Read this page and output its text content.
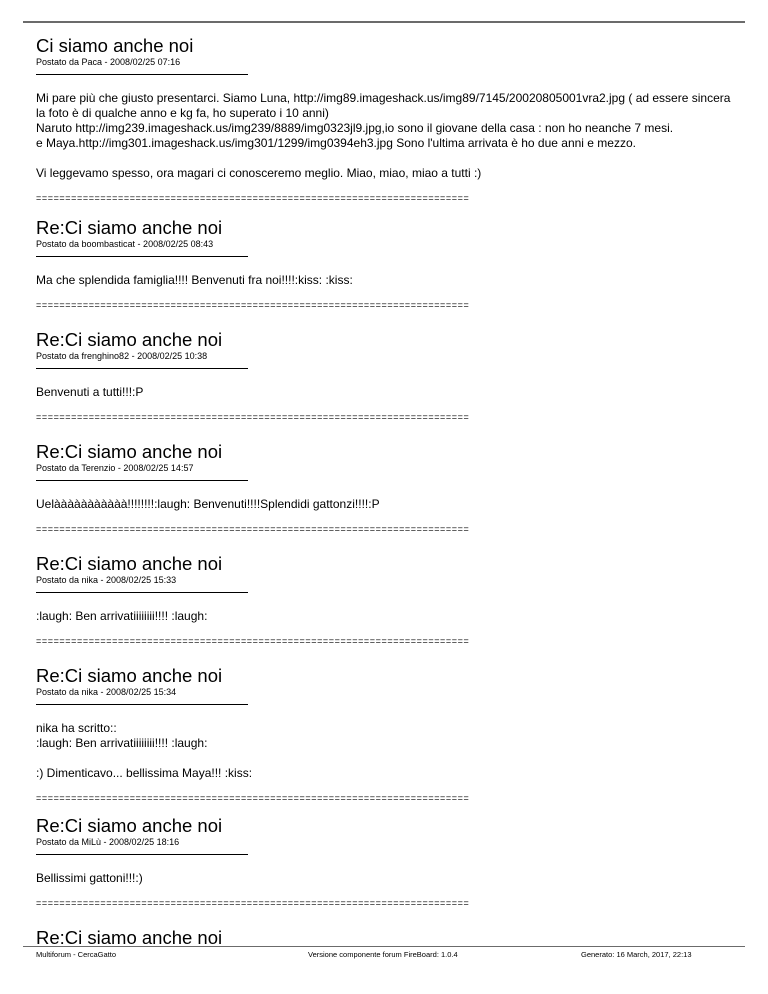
Ci siamo anche noi
Postato da Paca - 2008/02/25 07:16

Mi pare più che giusto presentarci. Siamo Luna, http://img89.imageshack.us/img89/7145/20020805001vra2.jpg ( ad essere sincera la foto è di qualche anno e kg fa, ho superato i 10 anni)
Naruto http://img239.imageshack.us/img239/8889/img0323jl9.jpg,io sono il giovane della casa : non ho neanche 7 mesi.
e Maya.http://img301.imageshack.us/img301/1299/img0394eh3.jpg Sono l'ultima arrivata è ho due anni e mezzo.

Vi leggevamo spesso, ora magari ci conosceremo meglio. Miao, miao, miao a tutti :)

==========================================================================
Re:Ci siamo anche noi
Postato da boombasticat - 2008/02/25 08:43

Ma che splendida famiglia!!!! Benvenuti fra noi!!!!:kiss: :kiss:

==========================================================================
Re:Ci siamo anche noi
Postato da frenghino82 - 2008/02/25 10:38

Benvenuti a tutti!!!:P

==========================================================================
Re:Ci siamo anche noi
Postato da Terenzio - 2008/02/25 14:57

Uelààààààààààà!!!!!!!!:laugh: Benvenuti!!!!Splendidi gattonzi!!!!:P

==========================================================================
Re:Ci siamo anche noi
Postato da nika - 2008/02/25 15:33

:laugh: Ben arrivatiiiiiiii!!!! :laugh:

==========================================================================
Re:Ci siamo anche noi
Postato da nika - 2008/02/25 15:34

nika ha scritto::
:laugh: Ben arrivatiiiiiiii!!!! :laugh:

:) Dimenticavo... bellissima Maya!!! :kiss:

==========================================================================
Re:Ci siamo anche noi
Postato da MiLù - 2008/02/25 18:16

Bellissimi gattoni!!!:)

==========================================================================
Re:Ci siamo anche noi
Multiforum - CercaGatto	Versione componente forum FireBoard: 1.0.4	Generato: 16 March, 2017, 22:13
